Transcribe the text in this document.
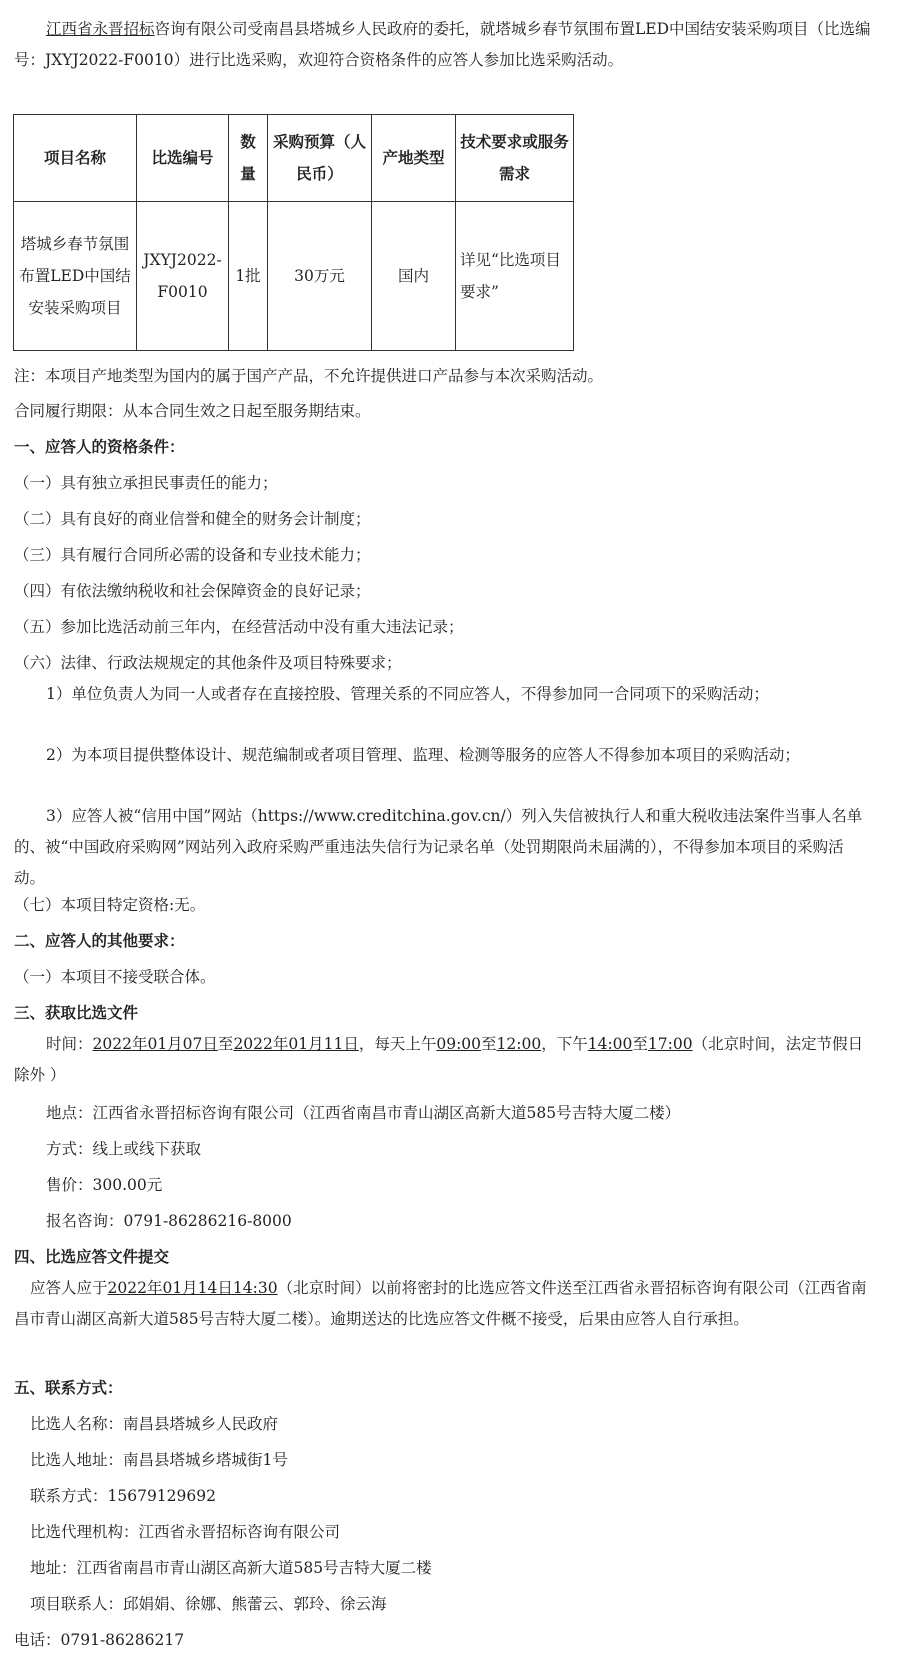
江西省永晋招标咨询有限公司受南昌县塔城乡人民政府的委托，就塔城乡春节氛围布置LED中国结安装采购项目（比选编号：JXYJ2022-F0010）进行比选采购，欢迎符合资格条件的应答人参加比选采购活动。
项目名称	比选编号	数量	采购预算（人民币）	产地类型	技术要求或服务需求
塔城乡春节氛围布置LED中国结安装采购项目	JXYJ2022-F0010	1批	30万元	国内	详见“比选项目要求”
注：本项目产地类型为国内的属于国产产品，不允许提供进口产品参与本次采购活动。
合同履行期限：从本合同生效之日起至服务期结束。
一、应答人的资格条件：
（一）具有独立承担民事责任的能力；
（二）具有良好的商业信誉和健全的财务会计制度；
（三）具有履行合同所必需的设备和专业技术能力；
（四）有依法缴纳税收和社会保障资金的良好记录；
（五）参加比选活动前三年内，在经营活动中没有重大违法记录；
（六）法律、行政法规规定的其他条件及项目特殊要求；
1）单位负责人为同一人或者存在直接控股、管理关系的不同应答人，不得参加同一合同项下的采购活动；
2）为本项目提供整体设计、规范编制或者项目管理、监理、检测等服务的应答人不得参加本项目的采购活动；
3）应答人被“信用中国”网站（https://www.creditchina.gov.cn/）列入失信被执行人和重大税收违法案件当事人名单的、被“中国政府采购网”网站列入政府采购严重违法失信行为记录名单（处罚期限尚未届满的），不得参加本项目的采购活动。
（七）本项目特定资格:无。
二、应答人的其他要求：
（一）本项目不接受联合体。
三、获取比选文件
时间：2022年01月07日至2022年01月11日，每天上午09:00至12:00，下午14:00至17:00（北京时间，法定节假日除外 ）
地点：江西省永晋招标咨询有限公司（江西省南昌市青山湖区高新大道585号吉特大厦二楼）
方式：线上或线下获取
售价：300.00元
报名咨询：0791-86286216-8000
四、比选应答文件提交
应答人应于2022年01月14日14:30（北京时间）以前将密封的比选应答文件送至江西省永晋招标咨询有限公司（江西省南昌市青山湖区高新大道585号吉特大厦二楼）。逾期送达的比选应答文件概不接受，后果由应答人自行承担。
五、联系方式：
比选人名称：南昌县塔城乡人民政府
比选人地址：南昌县塔城乡塔城街1号
联系方式：15679129692
比选代理机构：江西省永晋招标咨询有限公司
地址：江西省南昌市青山湖区高新大道585号吉特大厦二楼
项目联系人：邱娟娟、徐娜、熊蕾云、郭玲、徐云海
电话：0791-86286217
